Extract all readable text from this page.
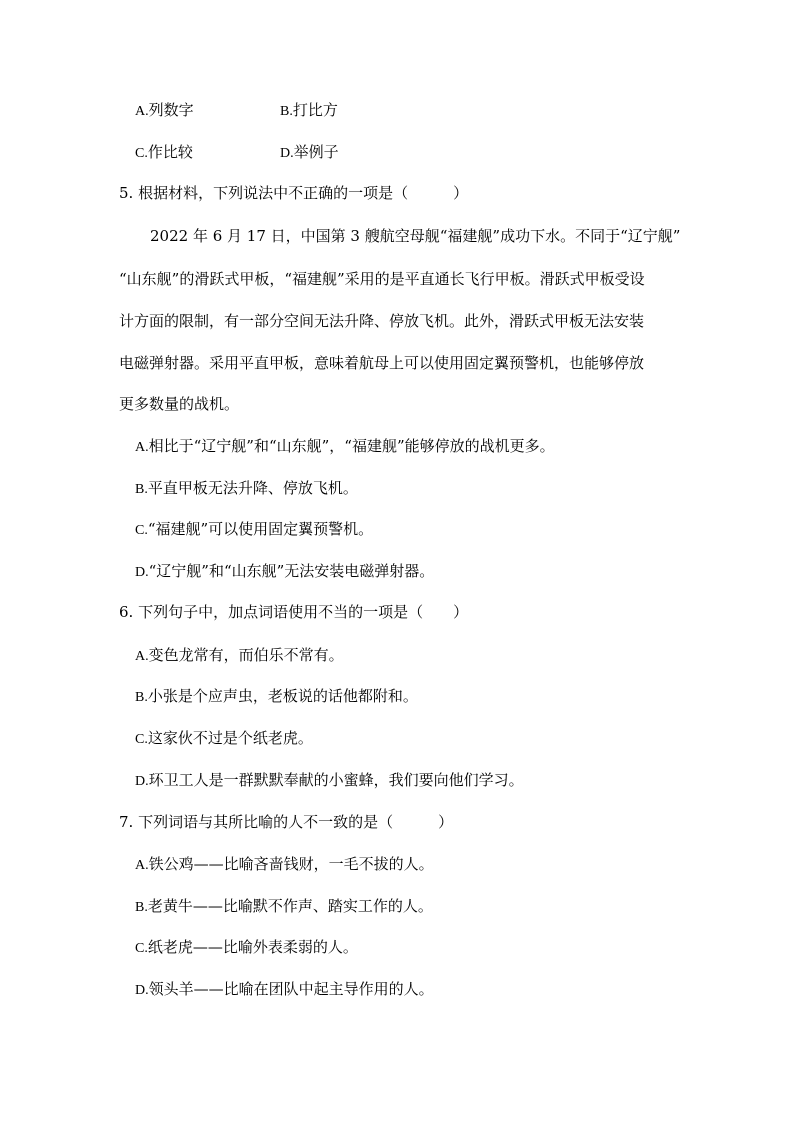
A.列数字	B.打比方
C.作比较	D.举例子
5. 根据材料，下列说法中不正确的一项是（　　　）
2022 年 6 月 17 日，中国第 3 艘航空母舰“福建舰”成功下水。不同于“辽宁舰”
“山东舰”的滑跃式甲板，“福建舰”采用的是平直通长飞行甲板。滑跃式甲板受设
计方面的限制，有一部分空间无法升降、停放飞机。此外，滑跃式甲板无法安装
电磁弹射器。采用平直甲板，意味着航母上可以使用固定翼预警机，也能够停放
更多数量的战机。
A.相比于“辽宁舰”和“山东舰”，“福建舰”能够停放的战机更多。
B.平直甲板无法升降、停放飞机。
C.“福建舰”可以使用固定翼预警机。
D.“辽宁舰”和“山东舰”无法安装电磁弹射器。
6. 下列句子中，加点词语使用不当的一项是（　　）
A.变色龙常有，而伯乐不常有。
B.小张是个应声虫，老板说的话他都附和。
C.这家伙不过是个纸老虎。
D.环卫工人是一群默默奉献的小蜜蜂，我们要向他们学习。
7. 下列词语与其所比喻的人不一致的是（　　　）
A.铁公鸡——比喻吝啬钱财，一毛不拔的人。
B.老黄牛——比喻默不作声、踏实工作的人。
C.纸老虎——比喻外表柔弱的人。
D.领头羊——比喻在团队中起主导作用的人。
